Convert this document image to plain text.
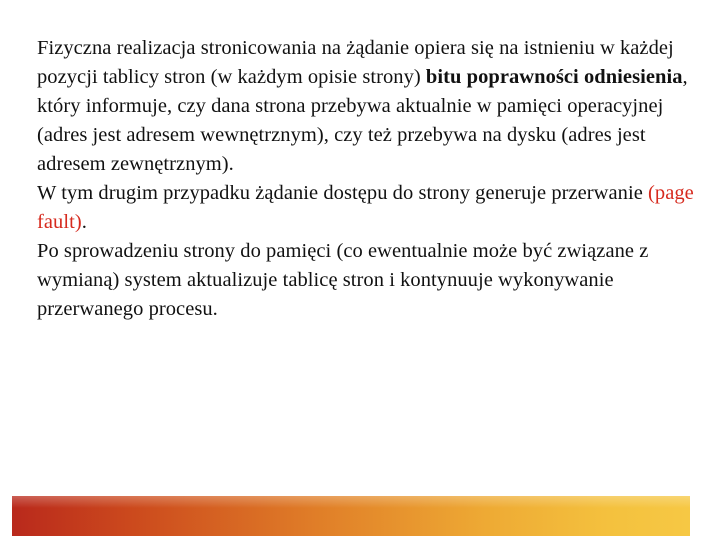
Fizyczna realizacja stronicowania na żądanie opiera się na istnieniu w każdej pozycji tablicy stron (w każdym opisie strony) bitu poprawności odniesienia, który informuje, czy dana strona przebywa aktualnie w pamięci operacyjnej (adres jest adresem wewnętrznym), czy też przebywa na dysku (adres jest adresem zewnętrznym).

W tym drugim przypadku żądanie dostępu do strony generuje przerwanie (page fault).

Po sprowadzeniu strony do pamięci (co ewentualnie może być związane z wymianą) system aktualizuje tablicę stron i kontynuuje wykonywanie przerwanego procesu.
